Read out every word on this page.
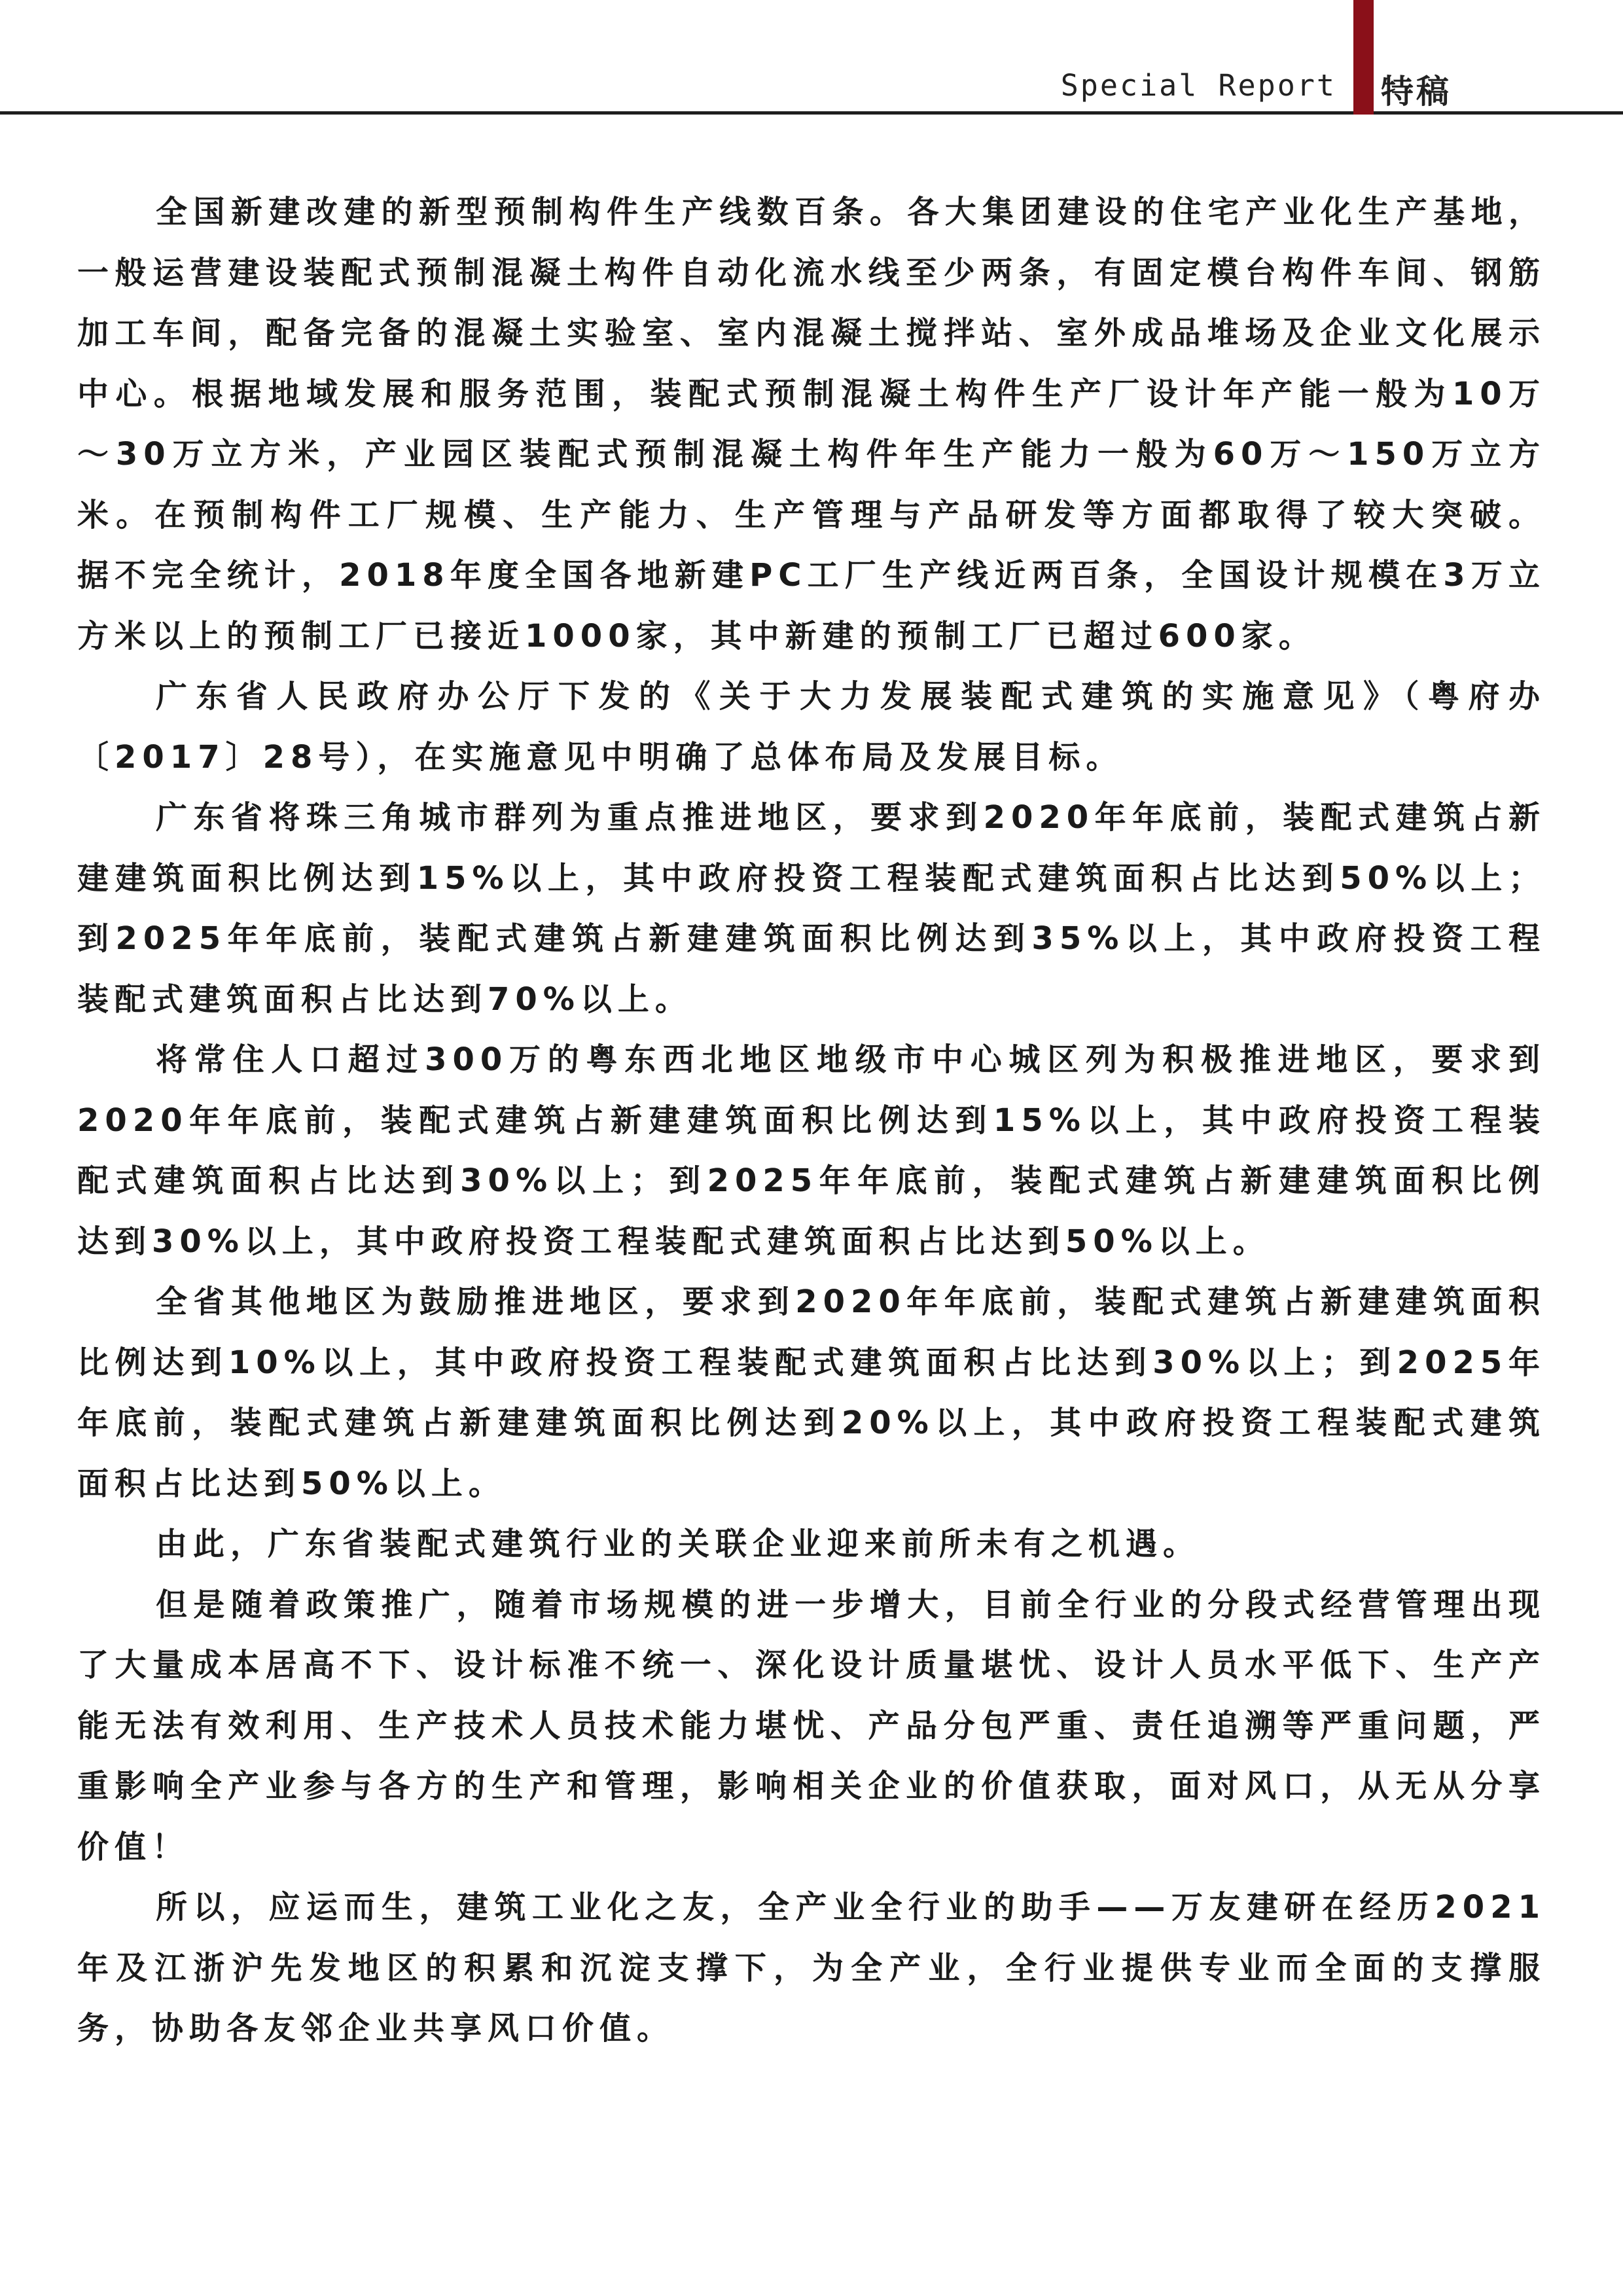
Special Report 特稿

全国新建改建的新型预制构件生产线数百条。各大集团建设的住宅产业化生产基地，一般运营建设装配式预制混凝土构件自动化流水线至少两条，有固定模台构件车间、钢筋加工车间，配备完备的混凝土实验室、室内混凝土搅拌站、室外成品堆场及企业文化展示中心。根据地域发展和服务范围，装配式预制混凝土构件生产厂设计年产能一般为10万～30万立方米，产业园区装配式预制混凝土构件年生产能力一般为60万～150万立方米。在预制构件工厂规模、生产能力、生产管理与产品研发等方面都取得了较大突破。 据不完全统计，2018年度全国各地新建PC工厂生产线近两百条，全国设计规模在3万立方米以上的预制工厂已接近1000家，其中新建的预制工厂已超过600家。

广东省人民政府办公厅下发的《关于大力发展装配式建筑的实施意见》（粤府办〔2017〕28号），在实施意见中明确了总体布局及发展目标。

广东省将珠三角城市群列为重点推进地区，要求到2020年年底前，装配式建筑占新建建筑面积比例达到15%以上，其中政府投资工程装配式建筑面积占比达到50%以上；到2025年年底前，装配式建筑占新建建筑面积比例达到35%以上，其中政府投资工程装配式建筑面积占比达到70%以上。

将常住人口超过300万的粤东西北地区地级市中心城区列为积极推进地区，要求到2020年年底前，装配式建筑占新建建筑面积比例达到15%以上，其中政府投资工程装配式建筑面积占比达到30%以上；到2025年年底前，装配式建筑占新建建筑面积比例达到30%以上，其中政府投资工程装配式建筑面积占比达到50%以上。

全省其他地区为鼓励推进地区，要求到2020年年底前，装配式建筑占新建建筑面积比例达到10%以上，其中政府投资工程装配式建筑面积占比达到30%以上；到2025年年底前，装配式建筑占新建建筑面积比例达到20%以上，其中政府投资工程装配式建筑面积占比达到50%以上。

由此，广东省装配式建筑行业的关联企业迎来前所未有之机遇。

但是随着政策推广，随着市场规模的进一步增大，目前全行业的分段式经营管理出现了大量成本居高不下、设计标准不统一、深化设计质量堪忧、设计人员水平低下、生产产能无法有效利用、生产技术人员技术能力堪忧、产品分包严重、责任追溯等严重问题，严重影响全产业参与各方的生产和管理，影响相关企业的价值获取，面对风口，从无从分享价值！

所以，应运而生，建筑工业化之友，全产业全行业的助手——万友建研在经历2021年及江浙沪先发地区的积累和沉淀支撑下，为全产业，全行业提供专业而全面的支撑服务，协助各友邻企业共享风口价值。
